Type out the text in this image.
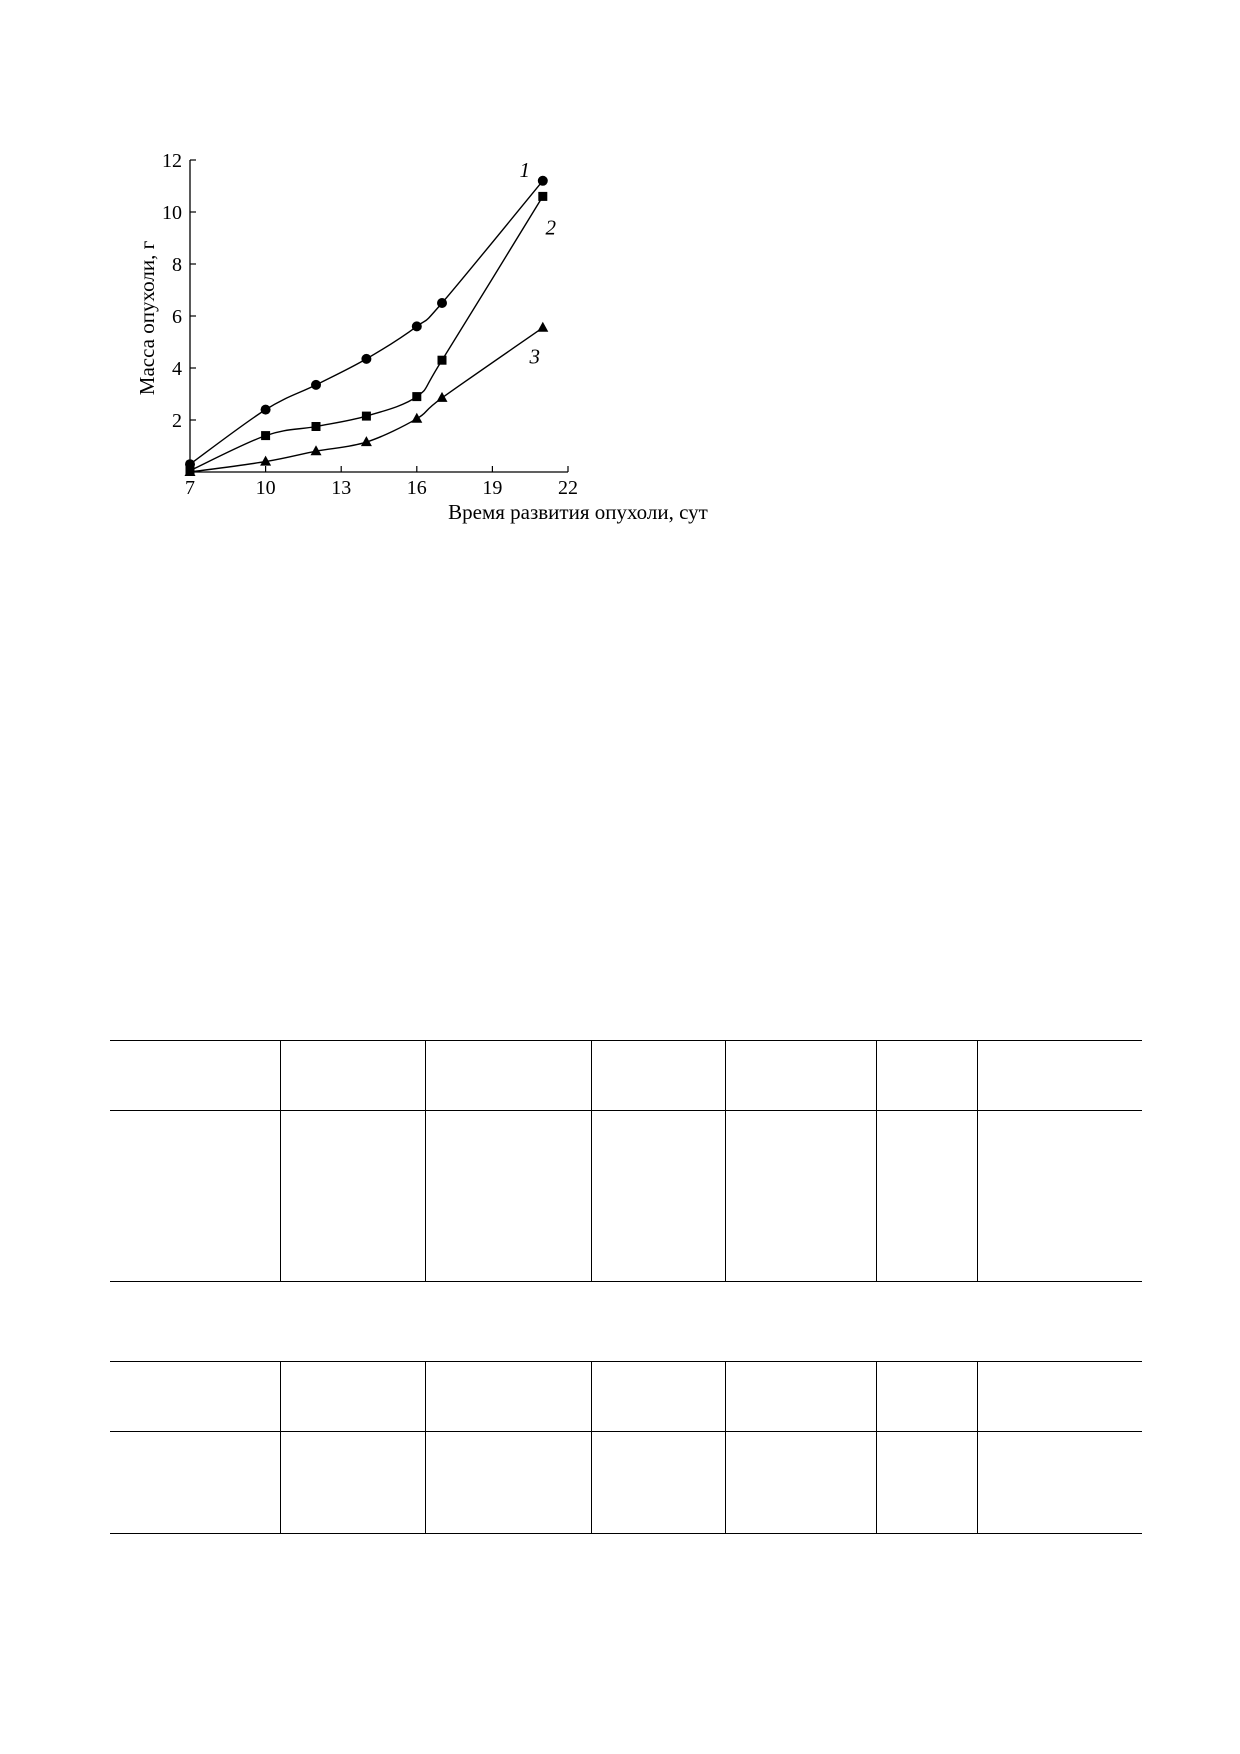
7	10	13	16	19	22
2
4
6
8
10
12	1
2
3
Время развития опухоли, сут
Масса опухоли, г
